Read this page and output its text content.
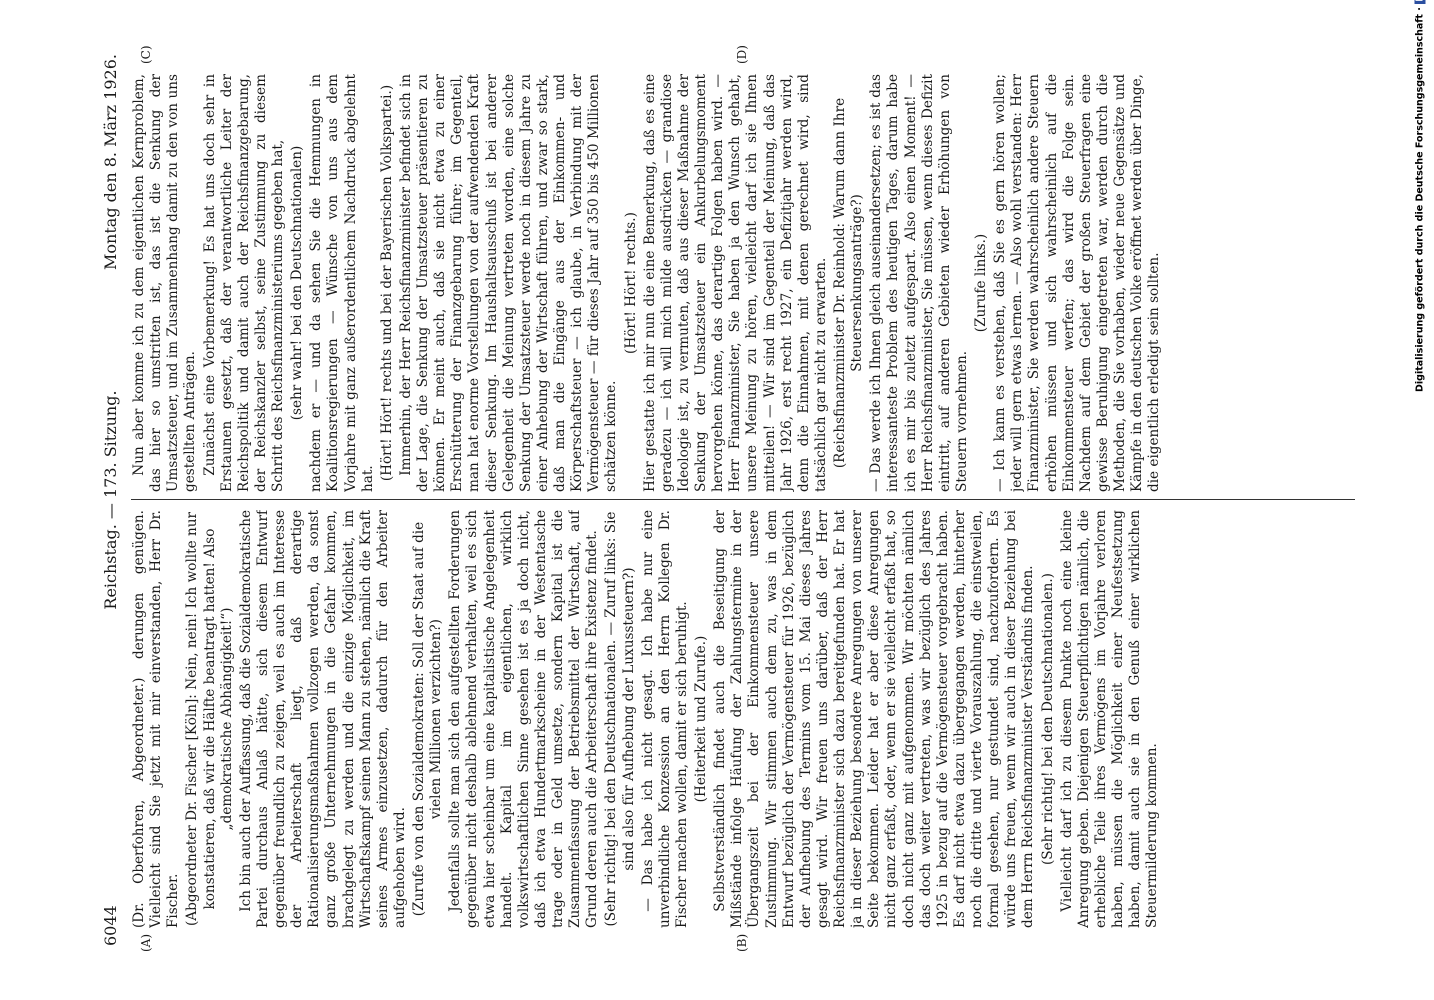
6044
Reichstag. — 173. Sitzung.
Montag den 8. März 1926.
(A)	(B)
(C)	(D)

(Dr. Oberfohren, Abgeordneter.) derungen genügen. Vielleicht sind Sie jetzt mit mir einverstanden, Herr Dr. Fischer. (Abgeordneter Dr. Fischer [Köln]: Nein, nein! Ich wollte nur konstatieren, daß wir die Hälfte beantragt hatten! Also „demokratische Abhängigkeit!“) Ich bin auch der Auffassung, daß die Sozialdemokratische Partei durchaus Anlaß hätte, sich diesem Entwurf gegenüber freundlich zu zeigen, weil es auch im Interesse der Arbeiterschaft liegt, daß derartige Rationalisierungsmaßnahmen vollzogen werden, da sonst ganz große Unternehmungen in die Gefahr kommen, brachgelegt zu werden und die einzige Möglichkeit, im Wirtschaftskampf seinen Mann zu stehen, nämlich die Kraft seines Armes einzusetzen, dadurch für den Arbeiter aufgehoben wird. (Zurufe von den Sozialdemokraten: Soll der Staat auf die vielen Millionen verzichten?) Jedenfalls sollte man sich den aufgestellten Forderungen gegenüber nicht deshalb ablehnend verhalten, weil es sich etwa hier scheinbar um eine kapitalistische Angelegenheit handelt. Kapital im eigentlichen, wirklich volkswirtschaftlichen Sinne gesehen ist es ja doch nicht, daß ich etwa Hundertmarkscheine in der Westentasche trage oder in Geld umsetze, sondern Kapital ist die Zusammenfassung der Betriebsmittel der Wirtschaft, auf Grund deren auch die Arbeiterschaft ihre Existenz findet. (Sehr richtig! bei den Deutschnationalen. — Zuruf links: Sie sind also für Aufhebung der Luxussteuern?) — Das habe ich nicht gesagt. Ich habe nur eine unverbindliche Konzession an den Herrn Kollegen Dr. Fischer machen wollen, damit er sich beruhigt. (Heiterkeit und Zurufe.) Selbstverständlich findet auch die Beseitigung der Mißstände infolge Häufung der Zahlungstermine in der Übergangszeit bei der Einkommensteuer unsere Zustimmung. Wir stimmen auch dem zu, was in dem Entwurf bezüglich der Vermögensteuer für 1926, bezüglich der Aufhebung des Termins vom 15. Mai dieses Jahres gesagt wird. Wir freuen uns darüber, daß der Herr Reichsfinanzminister sich dazu bereitgefunden hat. Er hat ja in dieser Beziehung besondere Anregungen von unserer Seite bekommen. Leider hat er aber diese Anregungen nicht ganz erfaßt, oder, wenn er sie vielleicht erfaßt hat, so doch nicht ganz mit aufgenommen. Wir möchten nämlich das doch weiter vertreten, was wir bezüglich des Jahres 1925 in bezug auf die Vermögensteuer vorgebracht haben. Es darf nicht etwa dazu übergegangen werden, hinterher noch die dritte und vierte Vorauszahlung, die einstweilen, formal gesehen, nur gestundet sind, nachzufordern. Es würde uns freuen, wenn wir auch in dieser Beziehung bei dem Herrn Reichsfinanzminister Verständnis finden. (Sehr richtig! bei den Deutschnationalen.) Vielleicht darf ich zu diesem Punkte noch eine kleine Anregung geben. Diejenigen Steuerpflichtigen nämlich, die erhebliche Teile ihres Vermögens im Vorjahre verloren haben, müssen die Möglichkeit einer Neufestsetzung haben, damit auch sie in den Genuß einer wirklichen Steuermilderung kommen.

Nun aber komme ich zu dem eigentlichen Kernproblem, das hier so umstritten ist, das ist die Senkung der Umsatzsteuer, und im Zusammenhang damit zu den von uns gestellten Anträgen. Zunächst eine Vorbemerkung! Es hat uns doch sehr in Erstaunen gesetzt, daß der verantwortliche Leiter der Reichspolitik und damit auch der Reichsfinanzgebarung, der Reichskanzler selbst, seine Zustimmung zu diesem Schritt des Reichsfinanzministeriums gegeben hat, (sehr wahr! bei den Deutschnationalen) nachdem er — und da sehen Sie die Hemmungen in Koalitionsregierungen — Wünsche von uns aus dem Vorjahre mit ganz außerordentlichem Nachdruck abgelehnt hat. (Hört! Hört! rechts und bei der Bayerischen Volkspartei.) Immerhin, der Herr Reichsfinanzminister befindet sich in der Lage, die Senkung der Umsatzsteuer präsentieren zu können. Er meint auch, daß sie nicht etwa zu einer Erschütterung der Finanzgebarung führe; im Gegenteil, man hat enorme Vorstellungen von der aufwendenden Kraft dieser Senkung. Im Haushaltsausschuß ist bei anderer Gelegenheit die Meinung vertreten worden, eine solche Senkung der Umsatzsteuer werde noch in diesem Jahre zu einer Anhebung der Wirtschaft führen, und zwar so stark, daß man die Eingänge aus der Einkommen- und Körperschaftsteuer — ich glaube, in Verbindung mit der Vermögensteuer — für dieses Jahr auf 350 bis 450 Millionen schätzen könne.

(Hört! Hört! rechts.) Hier gestatte ich mir nun die eine Bemerkung, daß es eine geradezu — ich will mich milde ausdrücken — grandiose Ideologie ist, zu vermuten, daß aus dieser Maßnahme der Senkung der Umsatzsteuer ein Ankurbelungsmoment hervorgehen könne, das derartige Folgen haben wird. — Herr Finanzminister, Sie haben ja den Wunsch gehabt, unsere Meinung zu hören, vielleicht darf ich sie Ihnen mitteilen! — Wir sind im Gegenteil der Meinung, daß das Jahr 1926, erst recht 1927, ein Defizitjahr werden wird, denn die Einnahmen, mit denen gerechnet wird, sind tatsächlich gar nicht zu erwarten. (Reichsfinanzminister Dr. Reinhold: Warum dann Ihre Steuersenkungsanträge?) — Das werde ich Ihnen gleich auseinandersetzen; es ist das interessanteste Problem des heutigen Tages, darum habe ich es mir bis zuletzt aufgespart. Also einen Moment! — Herr Reichsfinanzminister, Sie müssen, wenn dieses Defizit eintritt, auf anderen Gebieten wieder Erhöhungen von Steuern vornehmen.

(Zurufe links.) — Ich kann es verstehen, daß Sie es gern hören wollen; jeder will gern etwas lernen. — Also wohl verstanden: Herr Finanzminister, Sie werden wahrscheinlich andere Steuern erhöhen müssen und sich wahrscheinlich auf die Einkommensteuer werfen; das wird die Folge sein. Nachdem auf dem Gebiet der großen Steuerfragen eine gewisse Beruhigung eingetreten war, werden durch die Methoden, die Sie vorhaben, wieder neue Gegensätze und Kämpfe in den deutschen Volke eröffnet werden über Dinge, die eigentlich erledigt sein sollten.	Digitalisierung gefördert durch die Deutsche Forschungsgemeinschaft ·
